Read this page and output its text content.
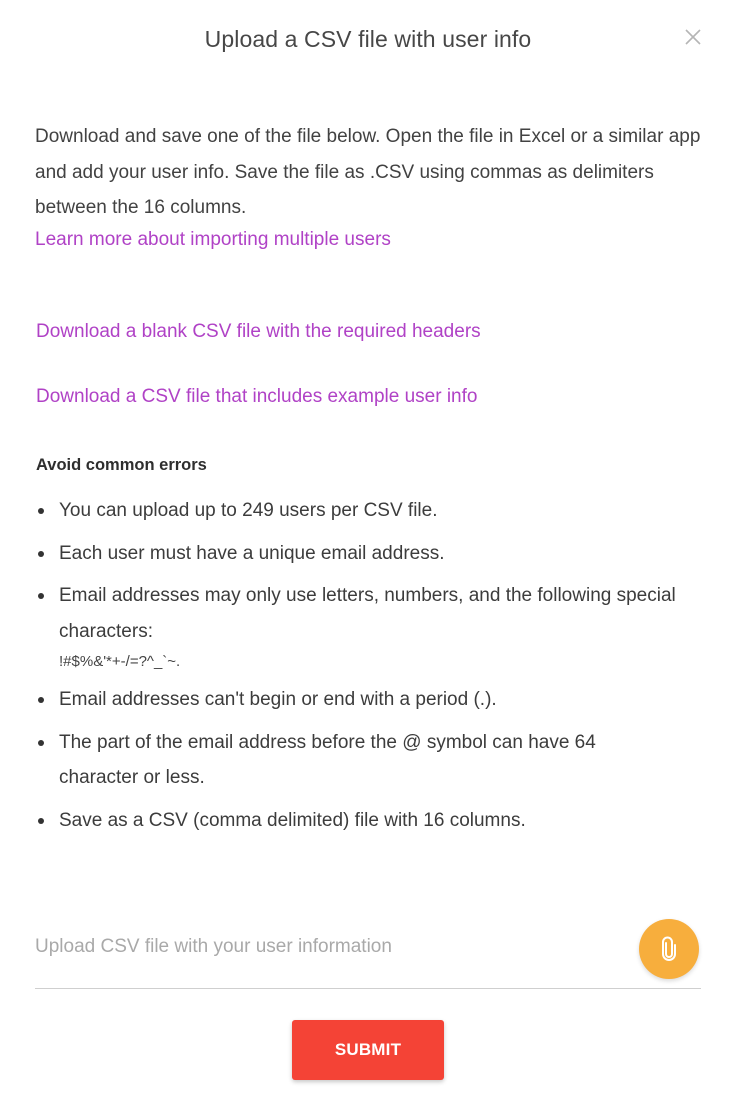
Upload a CSV file with user info
Download and save one of the file below. Open the file in Excel or a similar app and add your user info. Save the file as .CSV using commas as delimiters between the 16 columns.
Learn more about importing multiple users
Download a blank CSV file with the required headers
Download a CSV file that includes example user info
Avoid common errors
You can upload up to 249 users per CSV file.
Each user must have a unique email address.
Email addresses may only use letters, numbers, and the following special characters:
!#$%&'*+-/=?^_`~.
Email addresses can't begin or end with a period (.).
The part of the email address before the @ symbol can have 64 character or less.
Save as a CSV (comma delimited) file with 16 columns.
Upload CSV file with your user information
SUBMIT
